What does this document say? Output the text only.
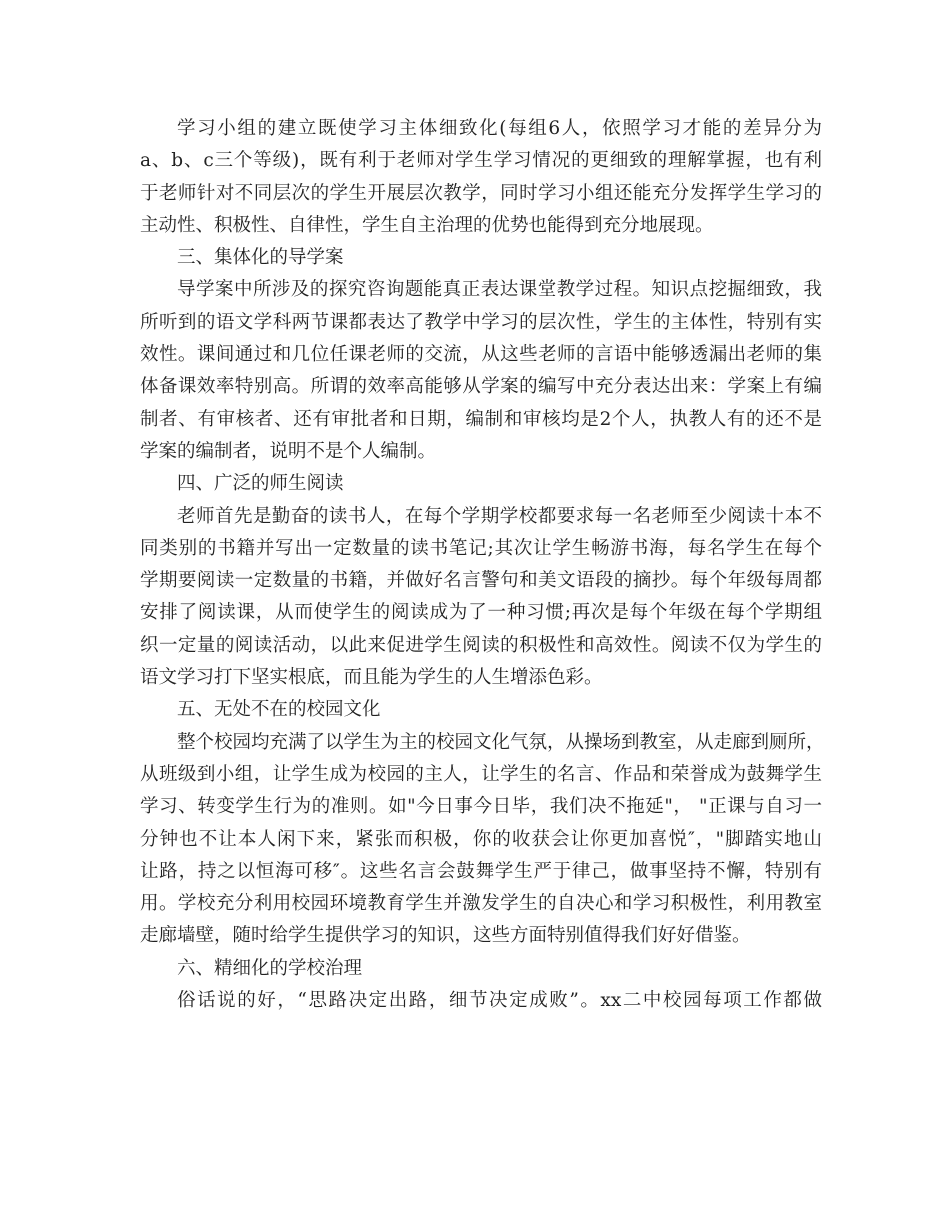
学习小组的建立既使学习主体细致化(每组6人，依照学习才能的差异分为
a、b、c三个等级)，既有利于老师对学生学习情况的更细致的理解掌握，也有利
于老师针对不同层次的学生开展层次教学，同时学习小组还能充分发挥学生学习的
主动性、积极性、自律性，学生自主治理的优势也能得到充分地展现。
三、集体化的导学案
导学案中所涉及的探究咨询题能真正表达课堂教学过程。知识点挖掘细致，我
所听到的语文学科两节课都表达了教学中学习的层次性，学生的主体性，特别有实
效性。课间通过和几位任课老师的交流，从这些老师的言语中能够透漏出老师的集
体备课效率特别高。所谓的效率高能够从学案的编写中充分表达出来：学案上有编
制者、有审核者、还有审批者和日期，编制和审核均是2个人，执教人有的还不是
学案的编制者，说明不是个人编制。
四、广泛的师生阅读
老师首先是勤奋的读书人，在每个学期学校都要求每一名老师至少阅读十本不
同类别的书籍并写出一定数量的读书笔记;其次让学生畅游书海，每名学生在每个
学期要阅读一定数量的书籍，并做好名言警句和美文语段的摘抄。每个年级每周都
安排了阅读课，从而使学生的阅读成为了一种习惯;再次是每个年级在每个学期组
织一定量的阅读活动，以此来促进学生阅读的积极性和高效性。阅读不仅为学生的
语文学习打下坚实根底，而且能为学生的人生增添色彩。
五、无处不在的校园文化
整个校园均充满了以学生为主的校园文化气氛，从操场到教室，从走廊到厕所，
从班级到小组，让学生成为校园的主人，让学生的名言、作品和荣誉成为鼓舞学生
学习、转变学生行为的准则。如"今日事今日毕，我们决不拖延"， "正课与自习一
分钟也不让本人闲下来，紧张而积极，你的收获会让你更加喜悦″，"脚踏实地山
让路，持之以恒海可移″。这些名言会鼓舞学生严于律己，做事坚持不懈，特别有
用。学校充分利用校园环境教育学生并激发学生的自决心和学习积极性，利用教室
走廊墙壁，随时给学生提供学习的知识，这些方面特别值得我们好好借鉴。
六、精细化的学校治理
俗话说的好，“思路决定出路，细节决定成败”。xx二中校园每项工作都做
